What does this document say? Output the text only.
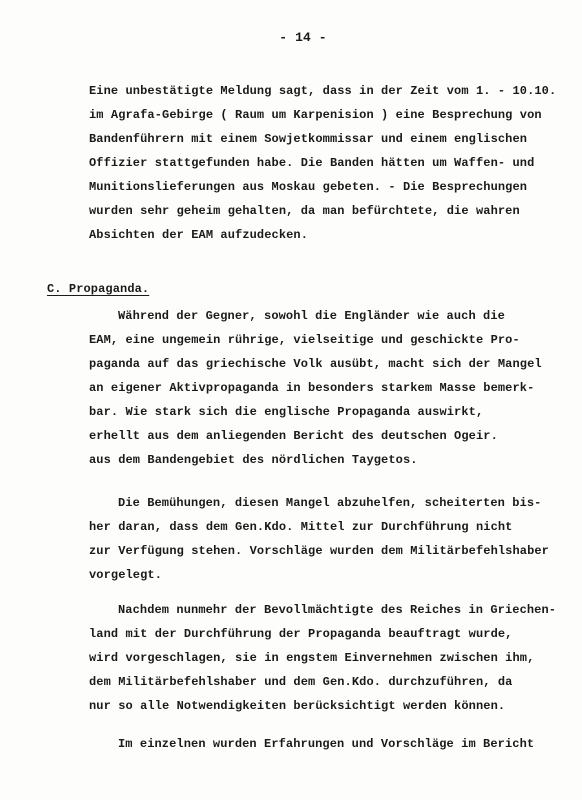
- 14 -
Eine unbestätigte Meldung sagt, dass in der Zeit vom 1. - 10.10.
im Agrafa-Gebirge ( Raum um Karpenision ) eine Besprechung von
Bandenführern mit einem Sowjetkommissar und einem englischen
Offizier stattgefunden habe. Die Banden hätten um Waffen- und
Munitionslieferungen aus Moskau gebeten. - Die Besprechungen
wurden sehr geheim gehalten, da man befürchtete, die wahren
Absichten der EAM aufzudecken.
C. Propaganda.
Während der Gegner, sowohl die Engländer wie auch die
EAM, eine ungemein rührige, vielseitige und geschickte Pro-
paganda auf das griechische Volk ausübt, macht sich der Mangel
an eigener Aktivpropaganda in besonders starkem Masse bemerk-
bar. Wie stark sich die englische Propaganda auswirkt,
erhellt aus dem anliegenden Bericht des deutschen Ogeir.
aus dem Bandengebiet des nördlichen Taygetos.
Die Bemühungen, diesen Mangel abzuhelfen, scheiterten bis-
her daran, dass dem Gen.Kdo. Mittel zur Durchführung nicht
zur Verfügung stehen. Vorschläge wurden dem Militärbefehlshaber
vorgelegt.
Nachdem nunmehr der Bevollmächtigte des Reiches in Griechen-
land mit der Durchführung der Propaganda beauftragt wurde,
wird vorgeschlagen, sie in engstem Einvernehmen zwischen ihm,
dem Militärbefehlshaber und dem Gen.Kdo. durchzuführen, da
nur so alle Notwendigkeiten berücksichtigt werden können.
Im einzelnen wurden Erfahrungen und Vorschläge im Bericht
